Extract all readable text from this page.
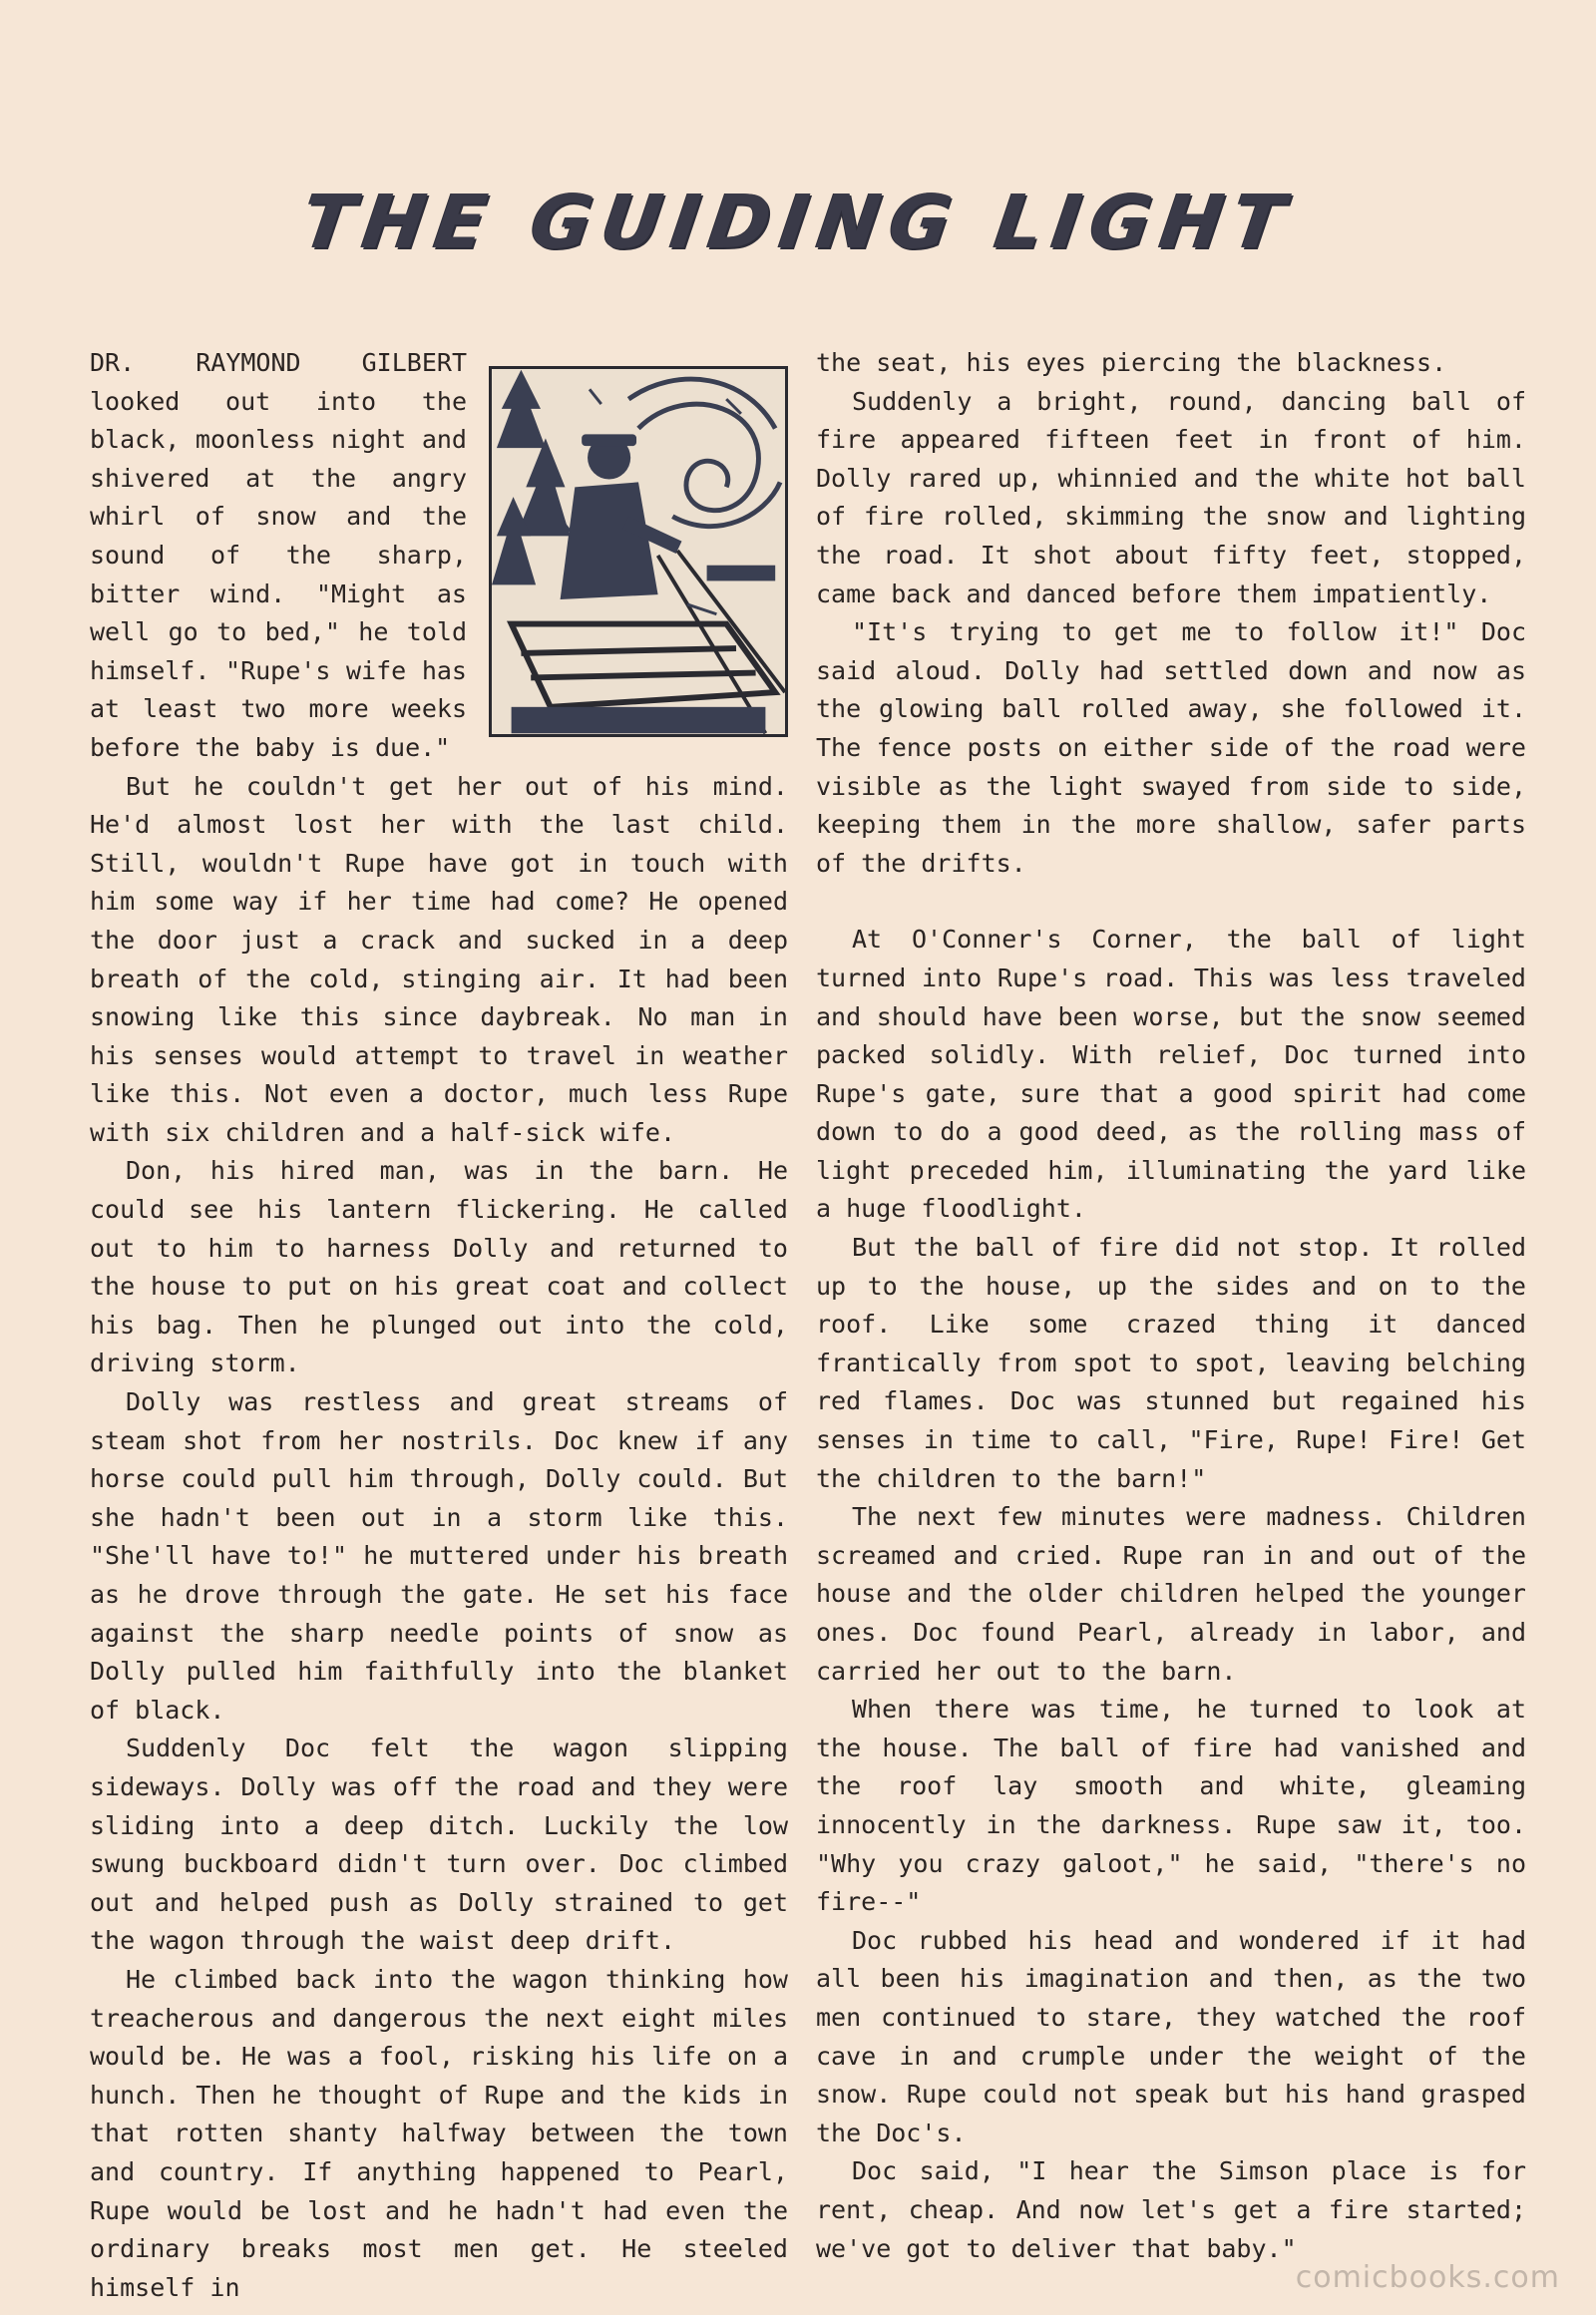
THE GUIDING LIGHT

DR. RAYMOND GILBERT looked out into the black, moonless night and shivered at the angry whirl of snow and the sound of the sharp, bitter wind. "Might as well go to bed," he told himself. "Rupe's wife has at least two more weeks before the baby is due."

But he couldn't get her out of his mind. He'd almost lost her with the last child. Still, wouldn't Rupe have got in touch with him some way if her time had come? He opened the door just a crack and sucked in a deep breath of the cold, stinging air. It had been snowing like this since daybreak. No man in his senses would attempt to travel in weather like this. Not even a doctor, much less Rupe with six children and a half-sick wife.

Don, his hired man, was in the barn. He could see his lantern flickering. He called out to him to harness Dolly and returned to the house to put on his great coat and collect his bag. Then he plunged out into the cold, driving storm.

Dolly was restless and great streams of steam shot from her nostrils. Doc knew if any horse could pull him through, Dolly could. But she hadn't been out in a storm like this. "She'll have to!" he muttered under his breath as he drove through the gate. He set his face against the sharp needle points of snow as Dolly pulled him faithfully into the blanket of black.

Suddenly Doc felt the wagon slipping sideways. Dolly was off the road and they were sliding into a deep ditch. Luckily the low swung buckboard didn't turn over. Doc climbed out and helped push as Dolly strained to get the wagon through the waist deep drift.

He climbed back into the wagon thinking how treacherous and dangerous the next eight miles would be. He was a fool, risking his life on a hunch. Then he thought of Rupe and the kids in that rotten shanty halfway between the town and country. If anything happened to Pearl, Rupe would be lost and he hadn't had even the ordinary breaks most men get. He steeled himself in

the seat, his eyes piercing the blackness.

Suddenly a bright, round, dancing ball of fire appeared fifteen feet in front of him. Dolly rared up, whinnied and the white hot ball of fire rolled, skimming the snow and lighting the road. It shot about fifty feet, stopped, came back and danced before them impatiently.

"It's trying to get me to follow it!" Doc said aloud. Dolly had settled down and now as the glowing ball rolled away, she followed it. The fence posts on either side of the road were visible as the light swayed from side to side, keeping them in the more shallow, safer parts of the drifts.

At O'Conner's Corner, the ball of light turned into Rupe's road. This was less traveled and should have been worse, but the snow seemed packed solidly. With relief, Doc turned into Rupe's gate, sure that a good spirit had come down to do a good deed, as the rolling mass of light preceded him, illuminating the yard like a huge floodlight.

But the ball of fire did not stop. It rolled up to the house, up the sides and on to the roof. Like some crazed thing it danced frantically from spot to spot, leaving belching red flames. Doc was stunned but regained his senses in time to call, "Fire, Rupe! Fire! Get the children to the barn!"

The next few minutes were madness. Children screamed and cried. Rupe ran in and out of the house and the older children helped the younger ones. Doc found Pearl, already in labor, and carried her out to the barn.

When there was time, he turned to look at the house. The ball of fire had vanished and the roof lay smooth and white, gleaming innocently in the darkness. Rupe saw it, too. "Why you crazy galoot," he said, "there's no fire--"

Doc rubbed his head and wondered if it had all been his imagination and then, as the two men continued to stare, they watched the roof cave in and crumple under the weight of the snow. Rupe could not speak but his hand grasped the Doc's.

Doc said, "I hear the Simson place is for rent, cheap. And now let's get a fire started; we've got to deliver that baby."

comicbooks.com
